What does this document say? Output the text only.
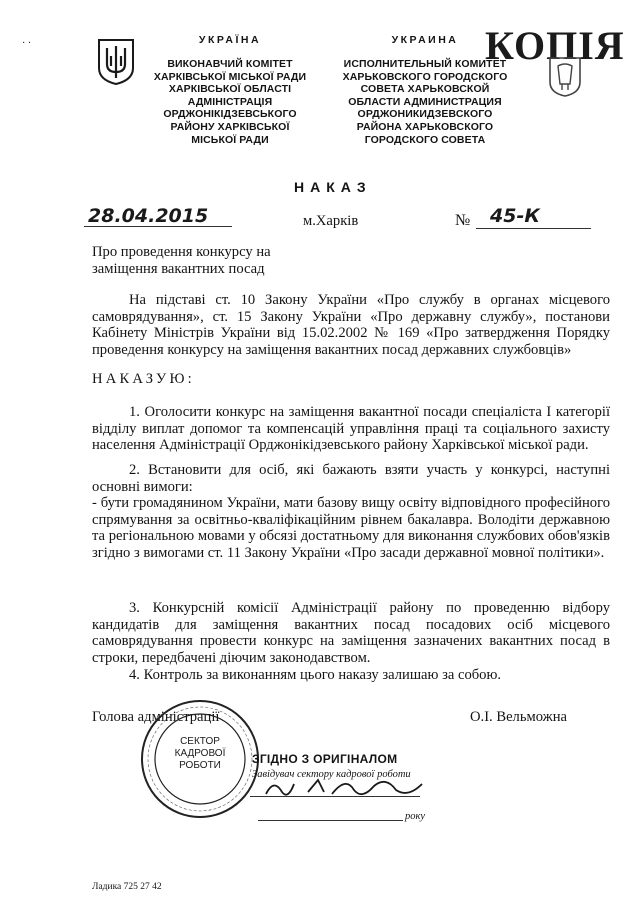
УКРАЇНА
ВИКОНАВЧИЙ КОМІТЕТ
ХАРКІВСЬКОЇ МІСЬКОЇ РАДИ
ХАРКІВСЬКОЇ ОБЛАСТІ
АДМІНІСТРАЦІЯ
ОРДЖОНІКІДЗЕВСЬКОГО
РАЙОНУ ХАРКІВСЬКОЇ
МІСЬКОЇ РАДИ
УКРАИНА
ИСПОЛНИТЕЛЬНЫЙ КОМИТЕТ
ХАРЬКОВСКОГО ГОРОДСКОГО
СОВЕТА ХАРЬКОВСКОЙ
ОБЛАСТИ АДМИНИСТРАЦИЯ
ОРДЖОНИКИДЗЕВСКОГО
РАЙОНА ХАРЬКОВСКОГО
ГОРОДСКОГО СОВЕТА
КОПІЯ
· ·
НАКАЗ
28.04.2015	м.Харків	№ 45-К
Про проведення конкурсу на
заміщення вакантних посад
На підставі ст. 10 Закону України «Про службу в органах місцевого самоврядування», ст. 15 Закону України «Про державну службу», постанови Кабінету Міністрів України від 15.02.2002 № 169 «Про затвердження Порядку проведення конкурсу на заміщення вакантних посад державних службовців»
НАКАЗУЮ:
1. Оголосити конкурс на заміщення вакантної посади спеціаліста І категорії відділу виплат допомог та компенсацій управління праці та соціального захисту населення Адміністрації Орджонікідзевського району Харківської міської ради.
2. Встановити для осіб, які бажають взяти участь у конкурсі, наступні основні вимоги:
- бути громадянином України, мати базову вищу освіту відповідного професійного спрямування за освітньо-кваліфікаційним рівнем бакалавра. Володіти державною та регіональною мовами у обсязі достатньому для виконання службових обов'язків згідно з вимогами ст. 11 Закону України «Про засади державної мовної політики».
3. Конкурсній комісії Адміністрації району по проведенню відбору кандидатів для заміщення вакантних посад посадових осіб місцевого самоврядування провести конкурс на заміщення зазначених вакантних посад в строки, передбачені діючим законодавством.
4. Контроль за виконанням цього наказу залишаю за собою.
Голова адміністрації	О.І. Вельможна
СЕКТОР
КАДРОВОЇ
РОБОТИ	ЗГІДНО З ОРИГІНАЛОМ
Завідувач сектору кадрової роботи
року
Ладика 725 27 42
